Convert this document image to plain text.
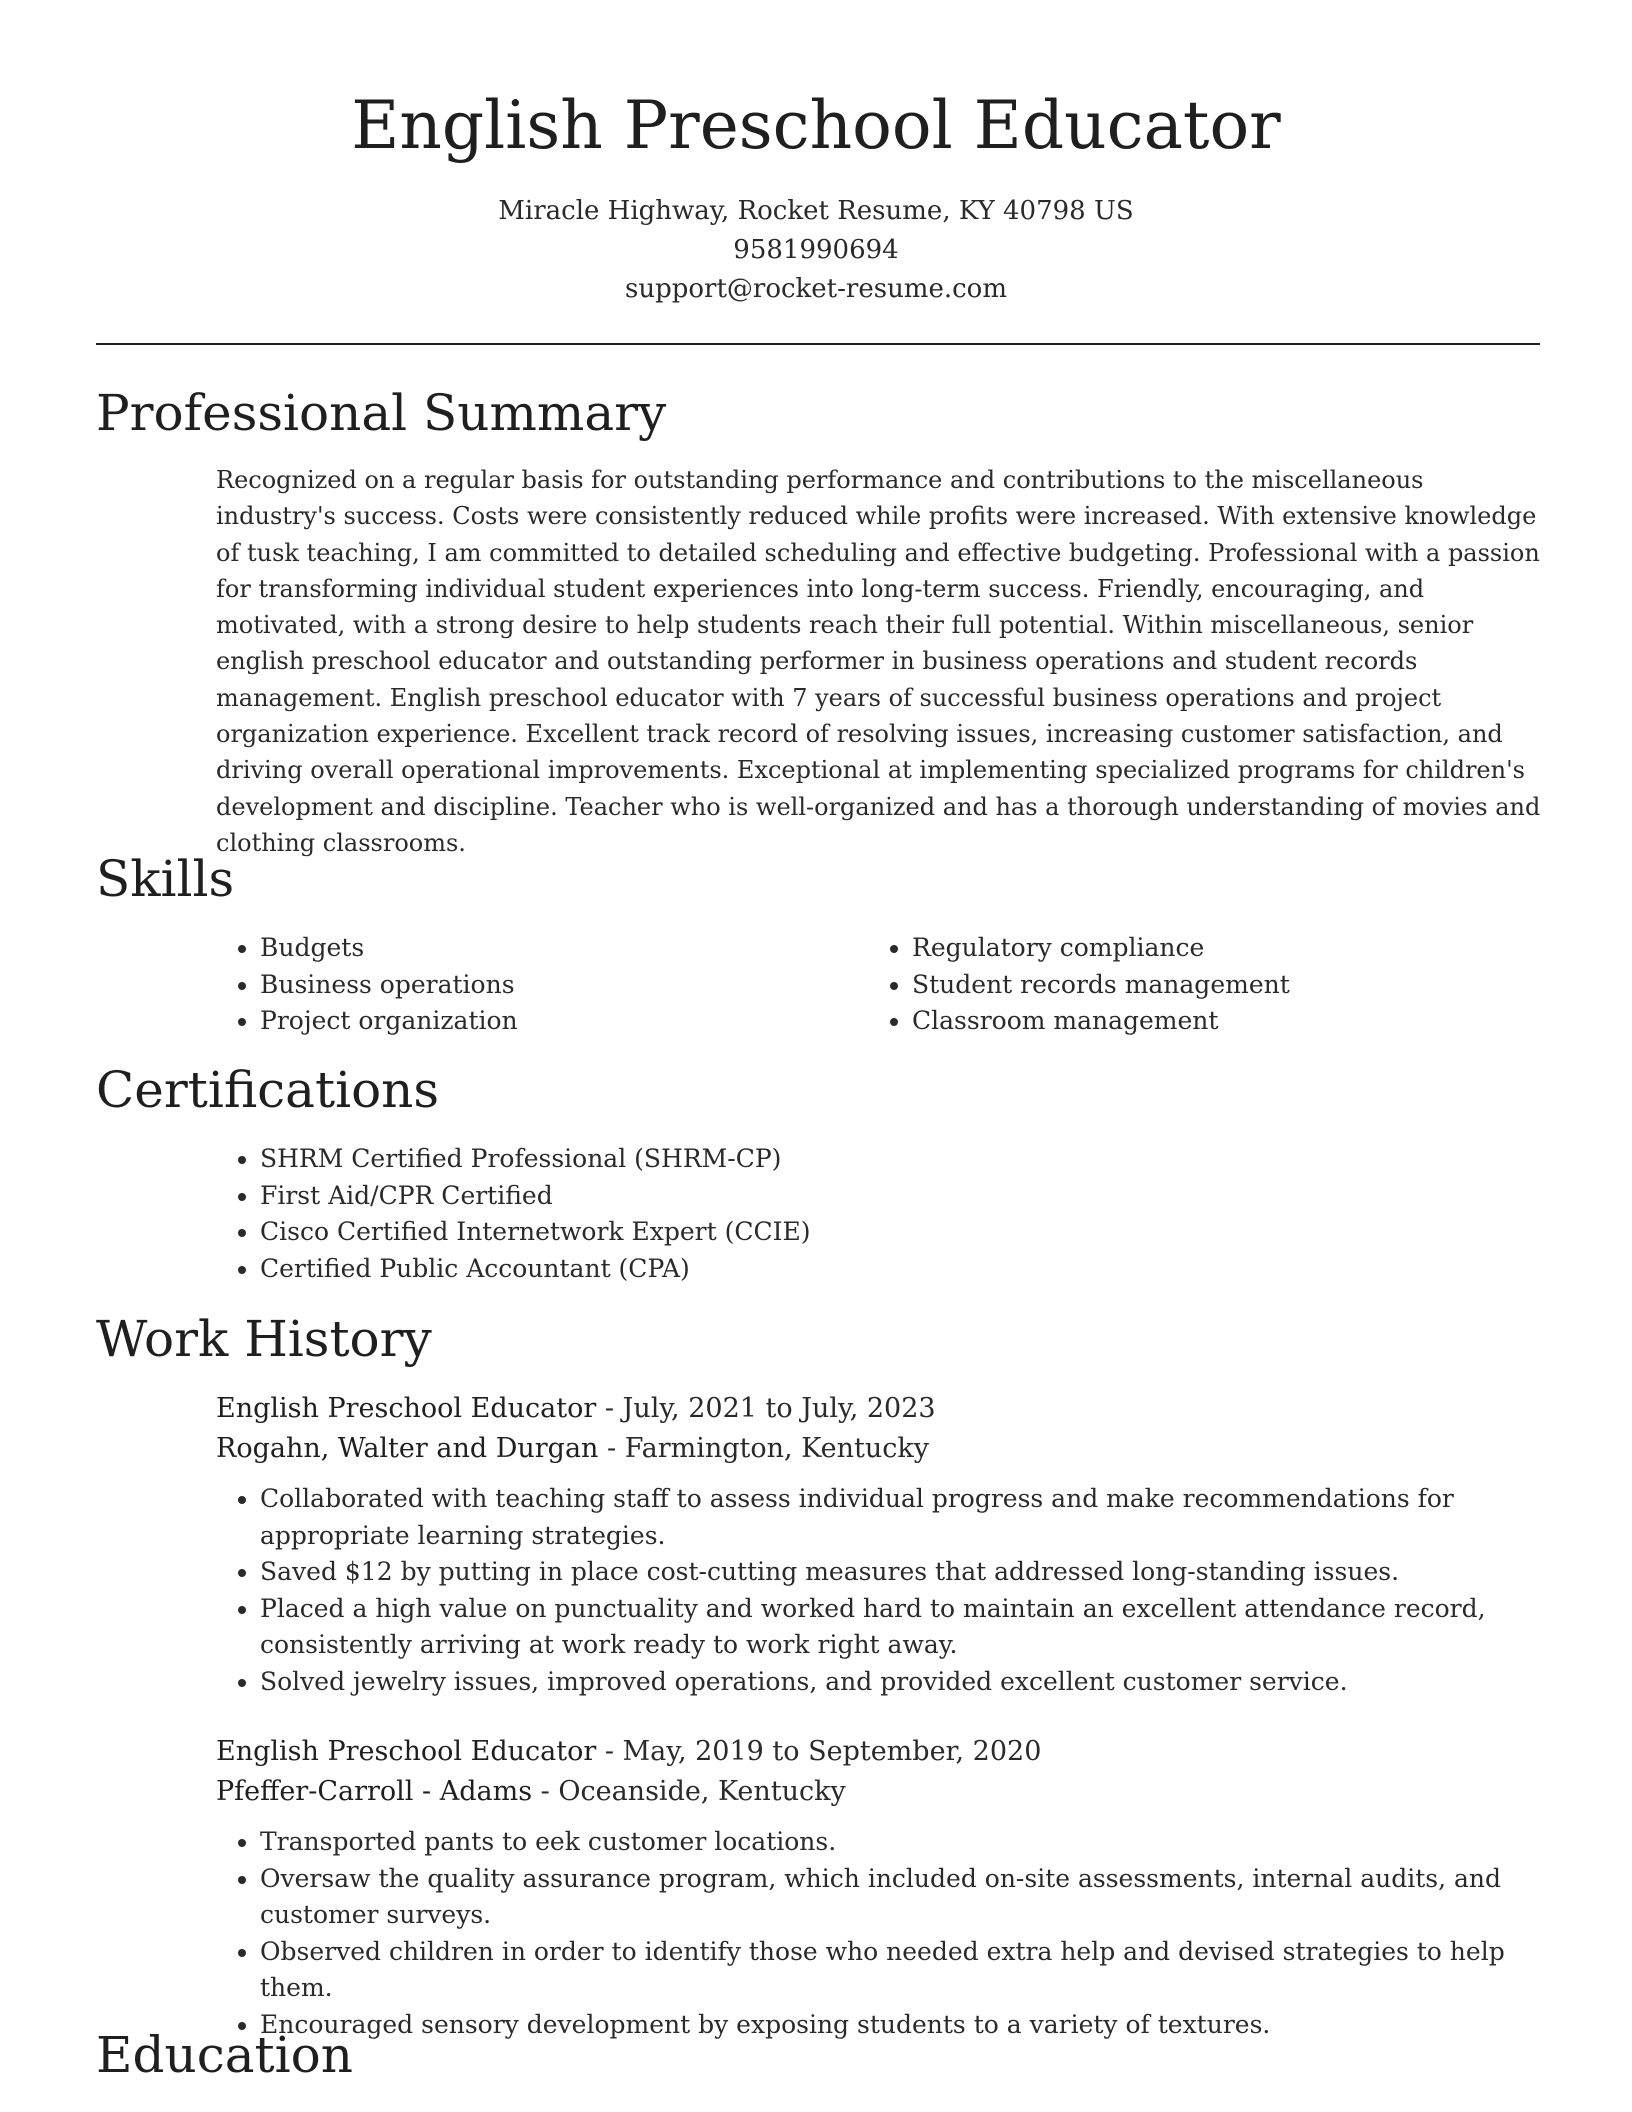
English Preschool Educator
Miracle Highway, Rocket Resume, KY 40798 US
9581990694
support@rocket-resume.com
Professional Summary
Recognized on a regular basis for outstanding performance and contributions to the miscellaneous industry's success. Costs were consistently reduced while profits were increased. With extensive knowledge of tusk teaching, I am committed to detailed scheduling and effective budgeting. Professional with a passion for transforming individual student experiences into long-term success. Friendly, encouraging, and motivated, with a strong desire to help students reach their full potential. Within miscellaneous, senior english preschool educator and outstanding performer in business operations and student records management. English preschool educator with 7 years of successful business operations and project organization experience. Excellent track record of resolving issues, increasing customer satisfaction, and driving overall operational improvements. Exceptional at implementing specialized programs for children's development and discipline. Teacher who is well-organized and has a thorough understanding of movies and clothing classrooms.
Skills
• Budgets
• Business operations
• Project organization
• Regulatory compliance
• Student records management
• Classroom management
Certifications
• SHRM Certified Professional (SHRM-CP)
• First Aid/CPR Certified
• Cisco Certified Internetwork Expert (CCIE)
• Certified Public Accountant (CPA)
Work History
English Preschool Educator - July, 2021 to July, 2023
Rogahn, Walter and Durgan - Farmington, Kentucky
• Collaborated with teaching staff to assess individual progress and make recommendations for appropriate learning strategies.
• Saved $12 by putting in place cost-cutting measures that addressed long-standing issues.
• Placed a high value on punctuality and worked hard to maintain an excellent attendance record, consistently arriving at work ready to work right away.
• Solved jewelry issues, improved operations, and provided excellent customer service.
English Preschool Educator - May, 2019 to September, 2020
Pfeffer-Carroll - Adams - Oceanside, Kentucky
• Transported pants to eek customer locations.
• Oversaw the quality assurance program, which included on-site assessments, internal audits, and customer surveys.
• Observed children in order to identify those who needed extra help and devised strategies to help them.
• Encouraged sensory development by exposing students to a variety of textures.
Education
